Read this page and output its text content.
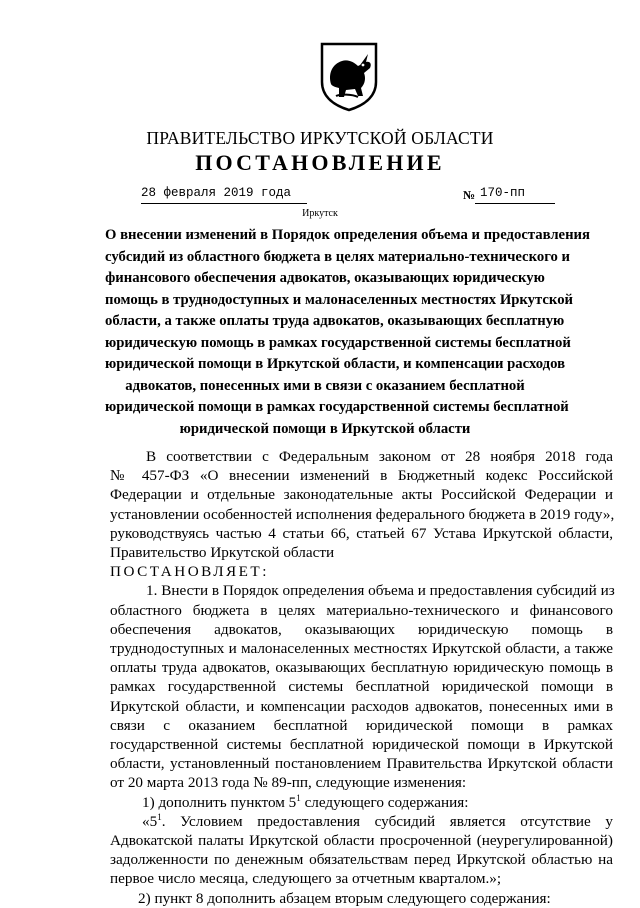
ПРАВИТЕЛЬСТВО ИРКУТСКОЙ ОБЛАСТИ
ПОСТАНОВЛЕНИЕ
28 февраля 2019 года	№ 170-пп
Иркутск
О внесении изменений в Порядок определения объема и предоставления
субсидий из областного бюджета в целях материально-технического и
финансового обеспечения адвокатов, оказывающих юридическую
помощь в труднодоступных и малонаселенных местностях Иркутской
области, а также оплаты труда адвокатов, оказывающих бесплатную
юридическую помощь в рамках государственной системы бесплатной
юридической помощи в Иркутской области, и компенсации расходов
адвокатов, понесенных ими в связи с оказанием бесплатной
юридической помощи в рамках государственной системы бесплатной
юридической помощи в Иркутской области
В соответствии с Федеральным законом от 28 ноября 2018 года
№ 457-ФЗ «О внесении изменений в Бюджетный кодекс Российской
Федерации и отдельные законодательные акты Российской Федерации и
установлении особенностей исполнения федерального бюджета в 2019 году»,
руководствуясь частью 4 статьи 66, статьей 67 Устава Иркутской области,
Правительство Иркутской области
ПОСТАНОВЛЯЕТ:
1. Внести в Порядок определения объема и предоставления субсидий из
областного бюджета в целях материально-технического и финансового
обеспечения адвокатов, оказывающих юридическую помощь в
труднодоступных и малонаселенных местностях Иркутской области, а также
оплаты труда адвокатов, оказывающих бесплатную юридическую помощь в
рамках государственной системы бесплатной юридической помощи в
Иркутской области, и компенсации расходов адвокатов, понесенных ими в
связи с оказанием бесплатной юридической помощи в рамках
государственной системы бесплатной юридической помощи в Иркутской
области, установленный постановлением Правительства Иркутской области
от 20 марта 2013 года № 89-пп, следующие изменения:
1) дополнить пунктом $5^1$ следующего содержания:
«$5^1$. Условием предоставления субсидий является отсутствие у
Адвокатской палаты Иркутской области просроченной (неурегулированной)
задолженности по денежным обязательствам перед Иркутской областью на
первое число месяца, следующего за отчетным кварталом.»;
2) пункт 8 дополнить абзацем вторым следующего содержания:
